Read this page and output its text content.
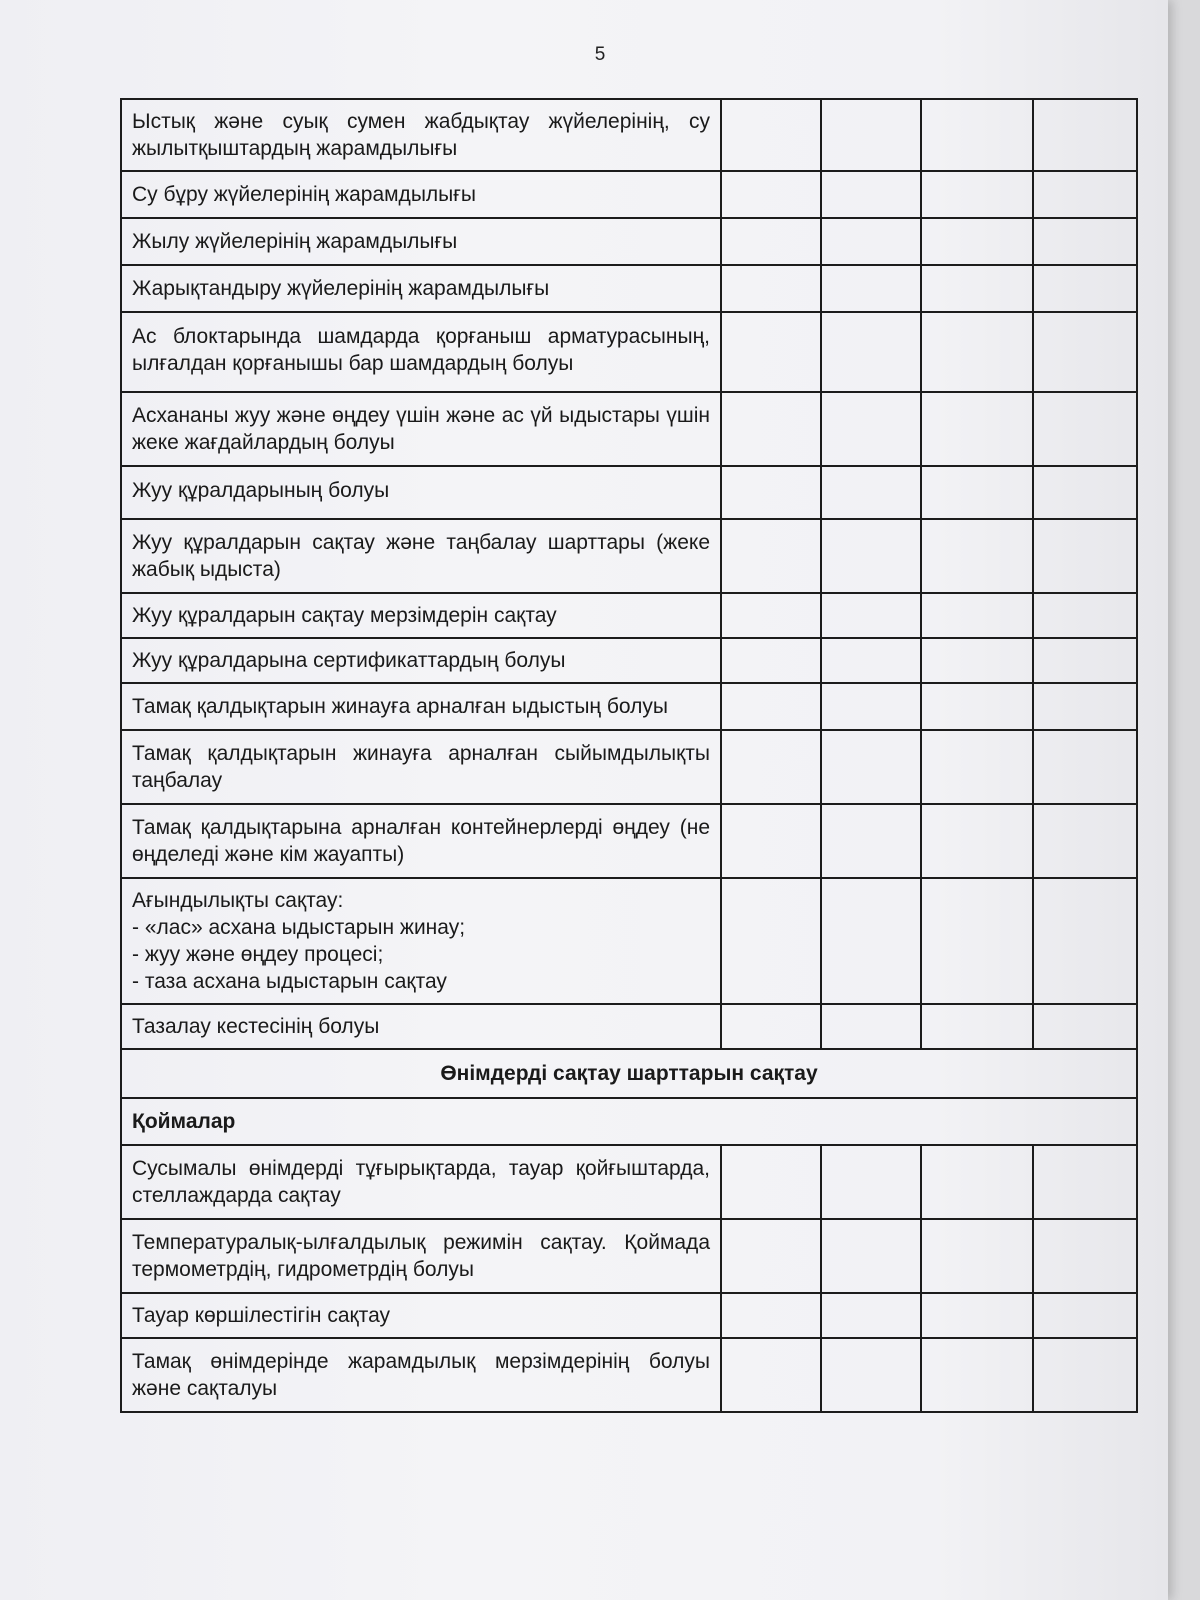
5
Ыстық және суық сумен жабдықтау жүйелерінің, су жылытқыштардың жарамдылығы				
Су бұру жүйелерінің жарамдылығы				
Жылу жүйелерінің жарамдылығы				
Жарықтандыру жүйелерінің жарамдылығы				
Ас блоктарында шамдарда қорғаныш арматурасының, ылғалдан қорғанышы бар шамдардың болуы				
Асхананы жуу және өңдеу үшін және ас үй ыдыстары үшін жеке жағдайлардың болуы				
Жуу құралдарының болуы				
Жуу құралдарын сақтау және таңбалау шарттары (жеке жабық ыдыста)				
Жуу құралдарын сақтау мерзімдерін сақтау				
Жуу құралдарына сертификаттардың болуы				
Тамақ қалдықтарын жинауға арналған ыдыстың болуы				
Тамақ қалдықтарын жинауға арналған сыйымдылықты таңбалау				
Тамақ қалдықтарына арналған контейнерлерді өңдеу (не өңделеді және кім жауапты)				

Ағындылықты сақтау:
- «лас» асхана ыдыстарын жинау;
- жуу және өңдеу процесі;
- таза асхана ыдыстарын сақтау				

Тазалау кестесінің болуы				
Өнімдерді сақтау шарттарын сақтау				
Қоймалар				
Сусымалы өнімдерді тұғырықтарда, тауар қойғыштарда, стеллаждарда сақтау				
Температуралық-ылғалдылық режимін сақтау. Қоймада термометрдің, гидрометрдің болуы				
Тауар көршілестігін сақтау				
Тамақ өнімдерінде жарамдылық мерзімдерінің болуы және сақталуы				
